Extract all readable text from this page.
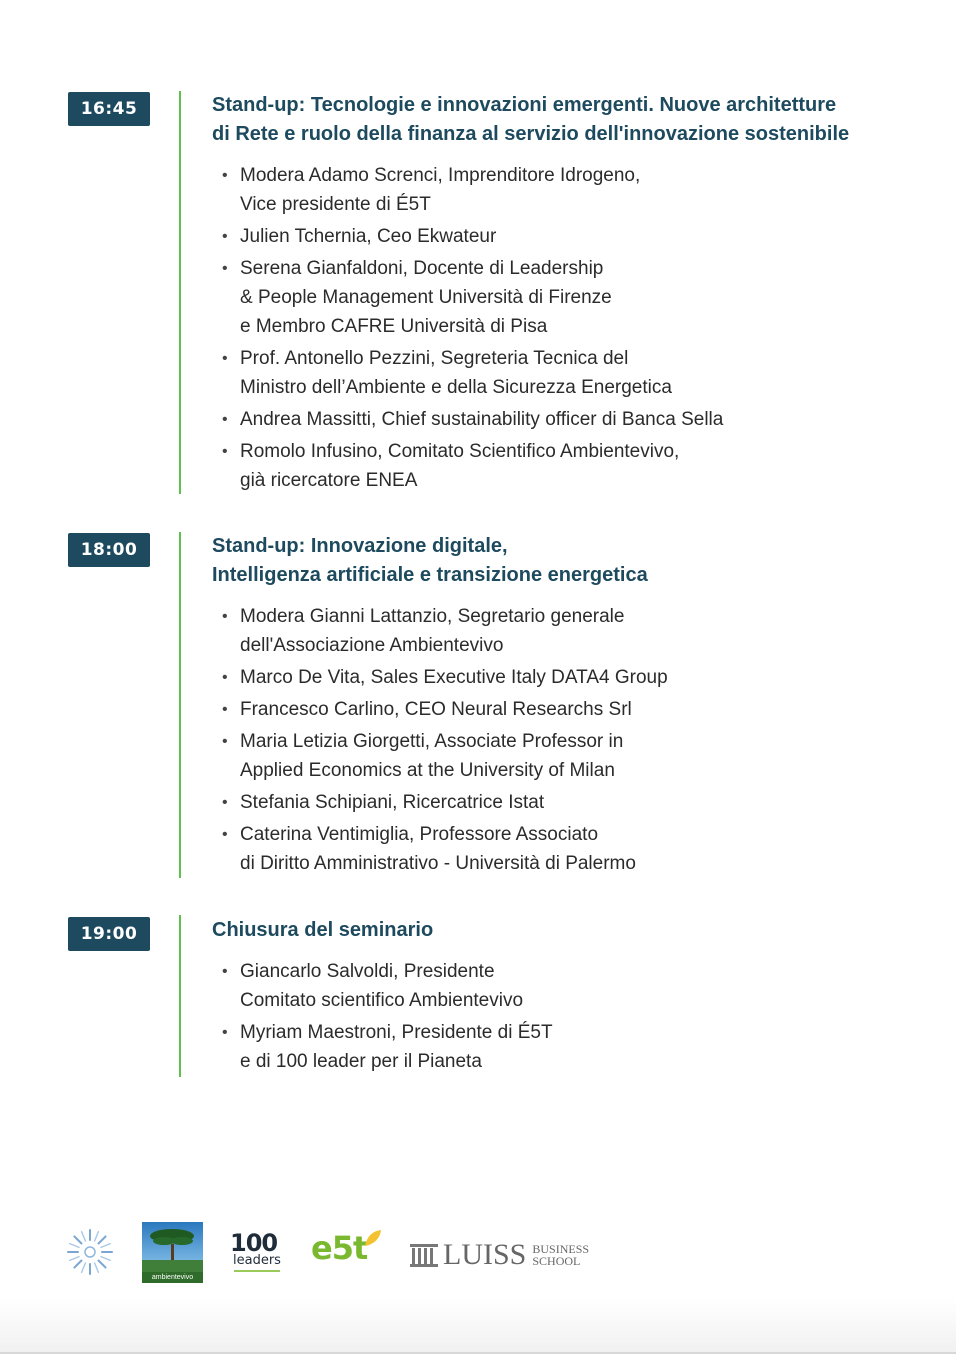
16:45	Stand-up: Tecnologie e innovazioni emergenti. Nuove architetture
di Rete e ruolo della finanza al servizio dell'innovazione sostenibile
• Modera Adamo Screnci, Imprenditore Idrogeno,
Vice presidente di É5T
• Julien Tchernia, Ceo Ekwateur
• Serena Gianfaldoni, Docente di Leadership
& People Management Università di Firenze
e Membro CAFRE Università di Pisa
• Prof. Antonello Pezzini, Segreteria Tecnica del
Ministro dell’Ambiente e della Sicurezza Energetica
• Andrea Massitti, Chief sustainability officer di Banca Sella
• Romolo Infusino, Comitato Scientifico Ambientevivo,
già ricercatore ENEA
18:00	Stand-up: Innovazione digitale,
Intelligenza artificiale e transizione energetica
• Modera Gianni Lattanzio, Segretario generale
dell'Associazione Ambientevivo
• Marco De Vita, Sales Executive Italy DATA4 Group
• Francesco Carlino, CEO Neural Researchs Srl
• Maria Letizia Giorgetti, Associate Professor in
Applied Economics at the University of Milan
• Stefania Schipiani, Ricercatrice Istat
• Caterina Ventimiglia, Professore Associato
di Diritto Amministrativo - Università di Palermo
19:00	Chiusura del seminario
• Giancarlo Salvoldi, Presidente
Comitato scientifico Ambientevivo
• Myriam Maestroni, Presidente di É5T
e di 100 leader per il Pianeta
ambientevivo
100
leaders e5t	LUISS BUSINESS
SCHOOL
